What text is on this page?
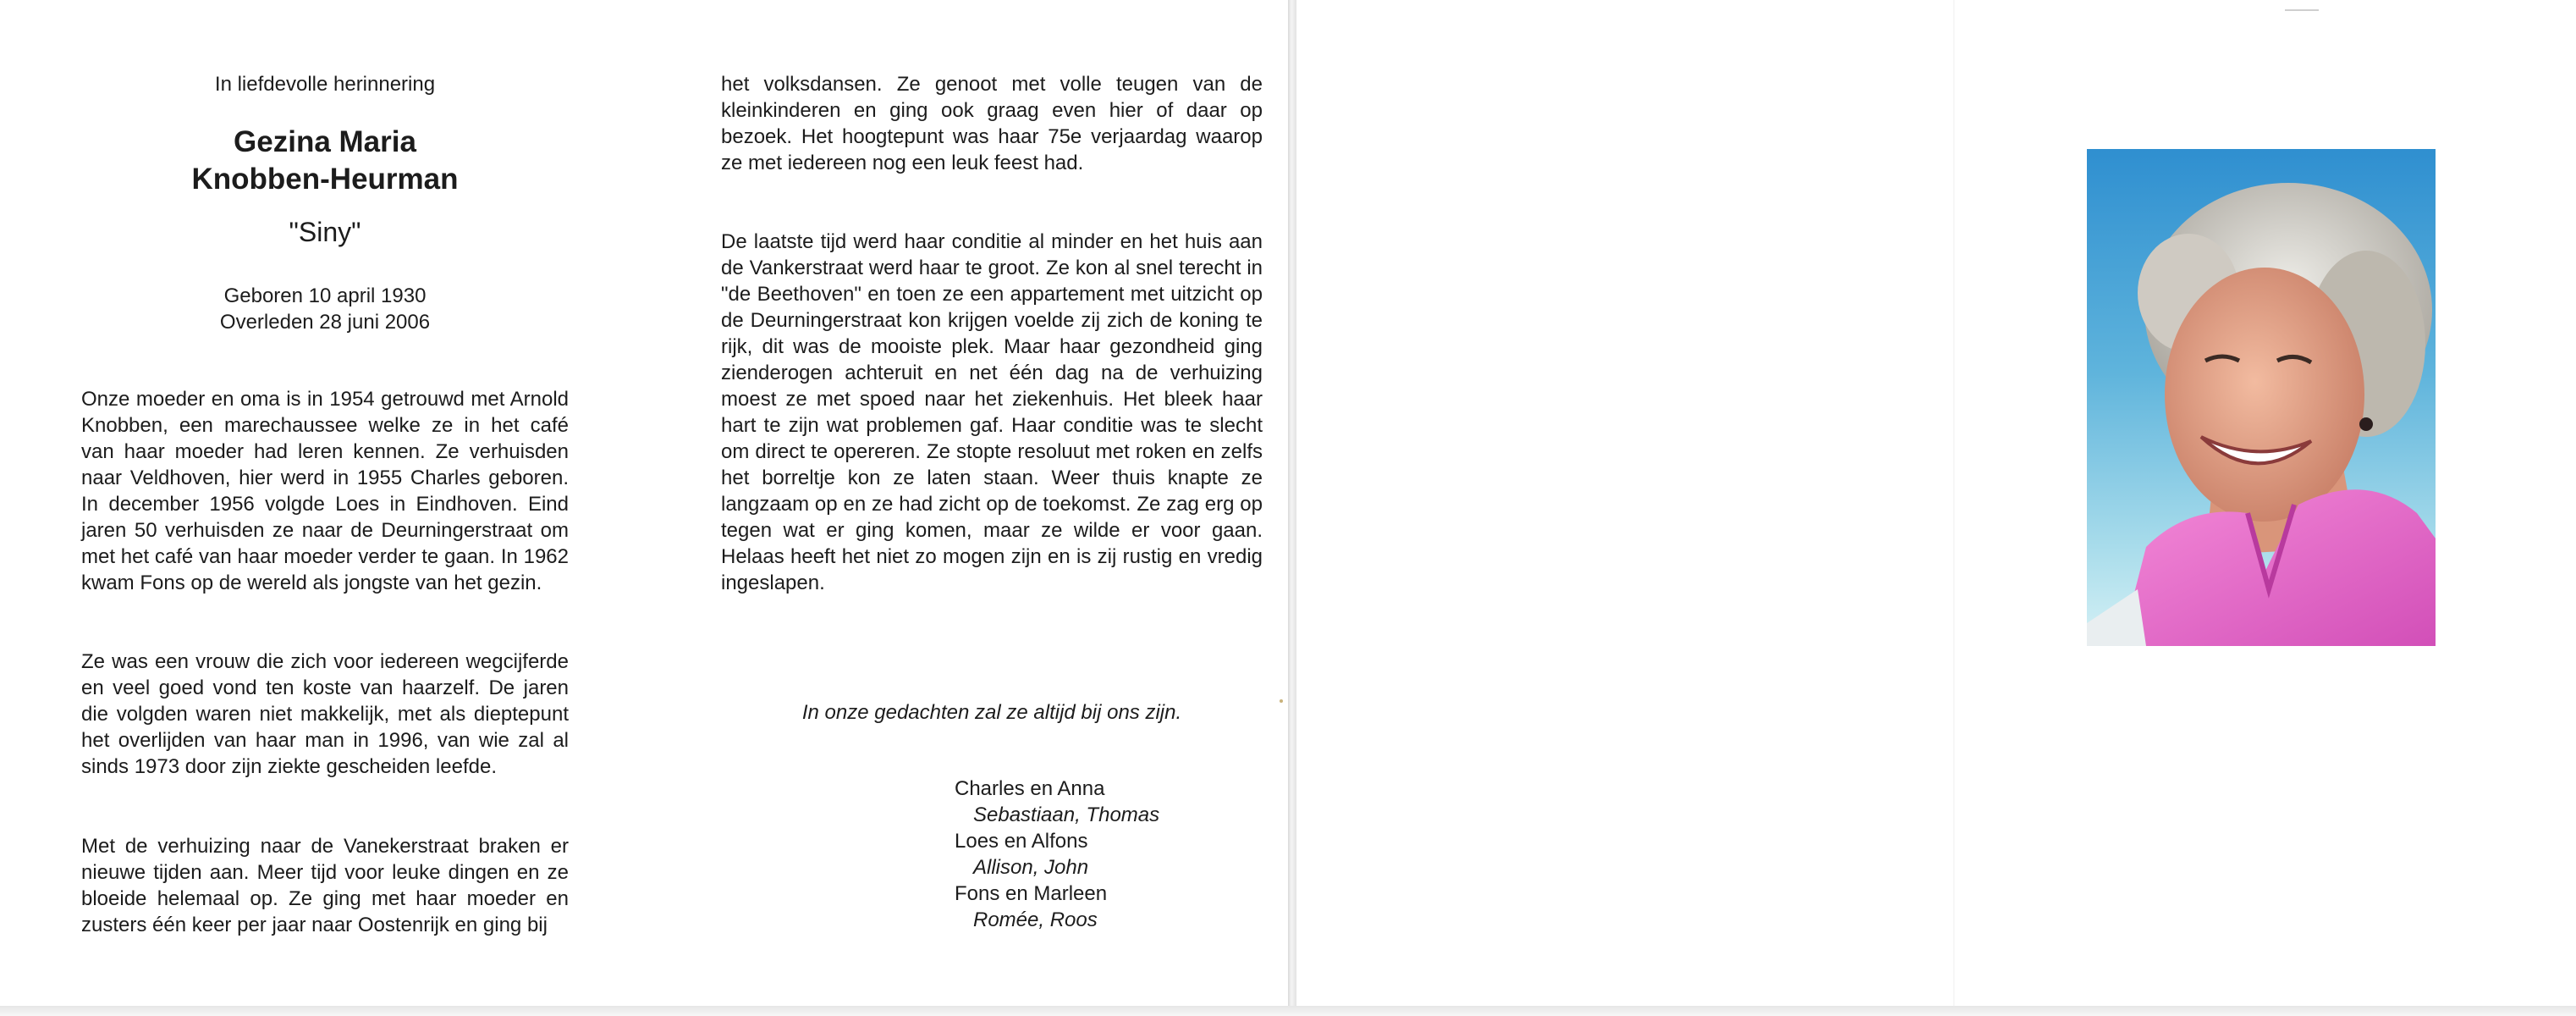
In liefdevolle herinnering
Gezina Maria
Knobben-Heurman
"Siny"
Geboren 10 april 1930
Overleden 28 juni 2006

Onze moeder en oma is in 1954 getrouwd met Arnold Knobben, een marechaussee welke ze in het café van haar moeder had leren kennen. Ze verhuisden naar Veldhoven, hier werd in 1955 Charles geboren. In december 1956 volgde Loes in Eindhoven. Eind jaren 50 verhuisden ze naar de Deurningerstraat om met het café van haar moeder verder te gaan. In 1962 kwam Fons op de wereld als jongste van het gezin.

Ze was een vrouw die zich voor iedereen wegcijferde en veel goed vond ten koste van haarzelf. De jaren die volgden waren niet makkelijk, met als dieptepunt het overlijden van haar man in 1996, van wie zal al sinds 1973 door zijn ziekte gescheiden leefde.

Met de verhuizing naar de Vanekerstraat braken er nieuwe tijden aan. Meer tijd voor leuke dingen en ze bloeide helemaal op. Ze ging met haar moeder en zusters één keer per jaar naar Oostenrijk en ging bij

het volksdansen. Ze genoot met volle teugen van de kleinkinderen en ging ook graag even hier of daar op bezoek. Het hoogtepunt was haar 75e verjaardag waarop ze met iedereen nog een leuk feest had.

De laatste tijd werd haar conditie al minder en het huis aan de Vankerstraat werd haar te groot. Ze kon al snel terecht in "de Beethoven" en toen ze een appartement met uitzicht op de Deurningerstraat kon krijgen voelde zij zich de koning te rijk, dit was de mooiste plek. Maar haar gezondheid ging zienderogen achteruit en net één dag na de verhuizing moest ze met spoed naar het ziekenhuis. Het bleek haar hart te zijn wat problemen gaf. Haar conditie was te slecht om direct te opereren. Ze stopte resoluut met roken en zelfs het borreltje kon ze laten staan. Weer thuis knapte ze langzaam op en ze had zicht op de toekomst. Ze zag erg op tegen wat er ging komen, maar ze wilde er voor gaan. Helaas heeft het niet zo mogen zijn en is zij rustig en vredig ingeslapen.

In onze gedachten zal ze altijd bij ons zijn.
Charles en Anna
Sebastiaan, Thomas
Loes en Alfons
Allison, John
Fons en Marleen
Romée, Roos
